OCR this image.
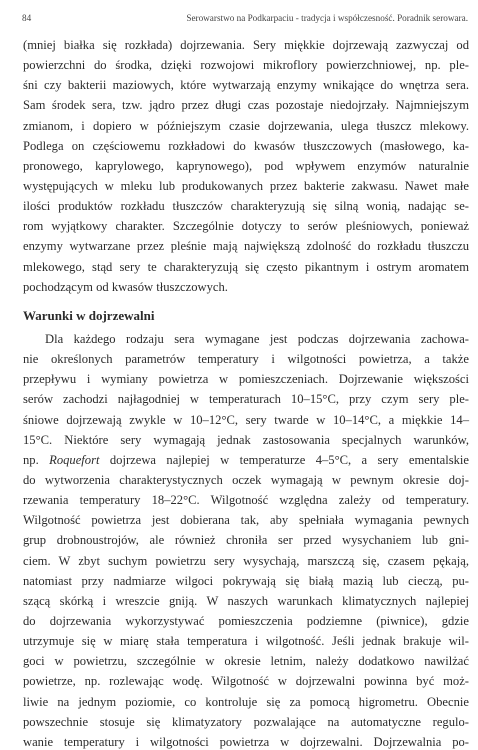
84	Serowarstwo na Podkarpaciu - tradycja i współczesność. Poradnik serowara.
(mniej białka się rozkłada) dojrzewania. Sery miękkie dojrzewają zazwyczaj od
powierzchni do środka, dzięki rozwojowi mikroflory powierzchniowej, np. ple-
śni czy bakterii maziowych, które wytwarzają enzymy wnikające do wnętrza sera.
Sam środek sera, tzw. jądro przez długi czas pozostaje niedojrzały. Najmniejszym
zmianom, i dopiero w późniejszym czasie dojrzewania, ulega tłuszcz mlekowy.
Podlega on częściowemu rozkładowi do kwasów tłuszczowych (masłowego, ka-
pronowego, kaprylowego, kaprynowego), pod wpływem enzymów naturalnie
występujących w mleku lub produkowanych przez bakterie zakwasu. Nawet małe
ilości produktów rozkładu tłuszczów charakteryzują się silną wonią, nadając se-
rom wyjątkowy charakter. Szczególnie dotyczy to serów pleśniowych, ponieważ
enzymy wytwarzane przez pleśnie mają największą zdolność do rozkładu tłuszczu
mlekowego, stąd sery te charakteryzują się często pikantnym i ostrym aromatem
pochodzącym od kwasów tłuszczowych.
Warunki w dojrzewalni
Dla każdego rodzaju sera wymagane jest podczas dojrzewania zachowa-
nie określonych parametrów temperatury i wilgotności powietrza, a także
przepływu i wymiany powietrza w pomieszczeniach. Dojrzewanie większości
serów zachodzi najłagodniej w temperaturach 10–15°C, przy czym sery ple-
śniowe dojrzewają zwykle w 10–12°C, sery twarde w 10–14°C, a miękkie 14–
15°C. Niektóre sery wymagają jednak zastosowania specjalnych warunków,
np. Roquefort dojrzewa najlepiej w temperaturze 4–5°C, a sery ementalskie
do wytworzenia charakterystycznych oczek wymagają w pewnym okresie doj-
rzewania temperatury 18–22°C. Wilgotność względna zależy od temperatury.
Wilgotność powietrza jest dobierana tak, aby spełniała wymagania pewnych
grup drobnoustrojów, ale również chroniła ser przed wysychaniem lub gni-
ciem. W zbyt suchym powietrzu sery wysychają, marszczą się, czasem pękają,
natomiast przy nadmiarze wilgoci pokrywają się białą mazią lub cieczą, pu-
szącą skórką i wreszcie gniją. W naszych warunkach klimatycznych najlepiej
do dojrzewania wykorzystywać pomieszczenia podziemne (piwnice), gdzie
utrzymuje się w miarę stała temperatura i wilgotność. Jeśli jednak brakuje wil-
goci w powietrzu, szczególnie w okresie letnim, należy dodatkowo nawilżać
powietrze, np. rozlewając wodę. Wilgotność w dojrzewalni powinna być moż-
liwie na jednym poziomie, co kontroluje się za pomocą higrometru. Obecnie
powszechnie stosuje się klimatyzatory pozwalające na automatyczne regulo-
wanie temperatury i wilgotności powietrza w dojrzewalni. Dojrzewalnia po-
